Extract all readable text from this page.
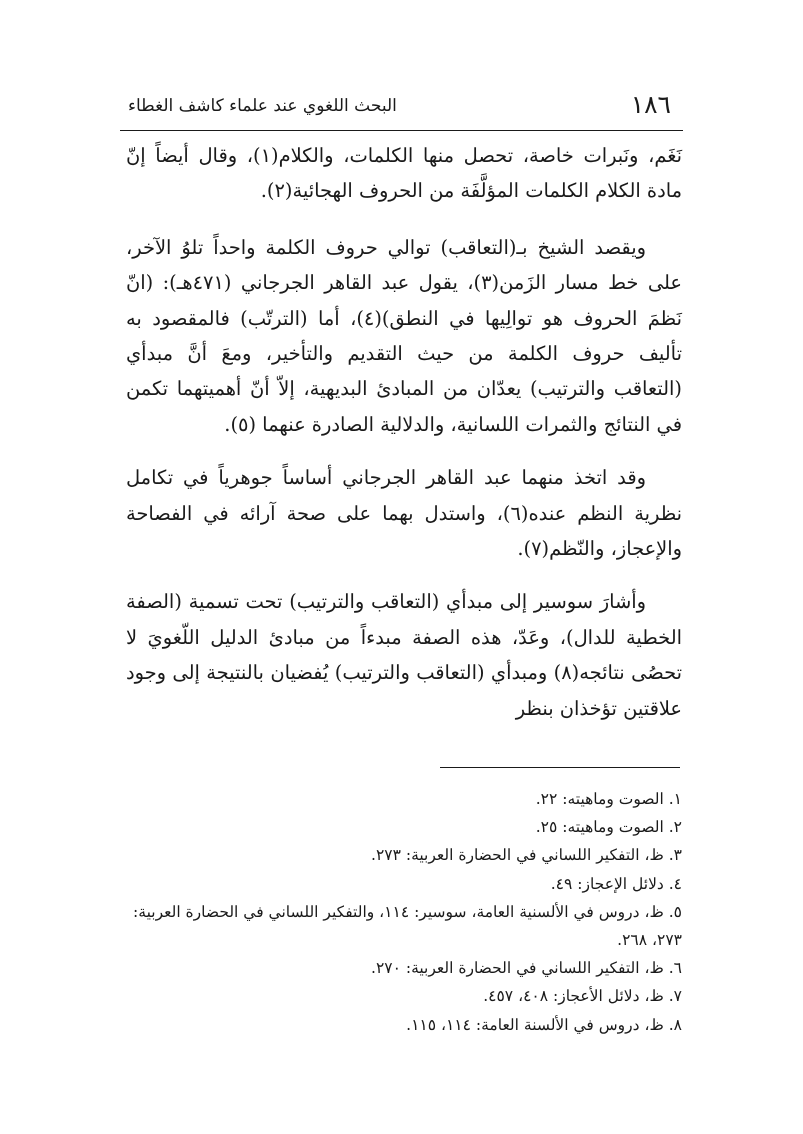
١٨٦
البحث اللغوي عند علماء كاشف الغطاء

نَغَم، ونَبرات خاصة، تحصل منها الكلمات، والكلام(١)، وقال أيضاً إنّ مادة الكلام الكلمات المؤلَّفَة من الحروف الهجائية(٢).

ويقصد الشيخ بـ(التعاقب) توالي حروف الكلمة واحداً تلوُ الآخر، على خط مسار الزَمن(٣)، يقول عبد القاهر الجرجاني (٤٧١هـ): (انّ نَظمَ الحروف هو توالِيها في النطق)(٤)، أما (الترتّب) فالمقصود به تأليف حروف الكلمة من حيث التقديم والتأخير، ومعَ أنَّ مبدأي (التعاقب والترتيب) يعدّان من المبادئ البديهية، إلاّ أنّ أهميتهما تكمن في النتائج والثمرات اللسانية، والدلالية الصادرة عنهما (٥).

وقد اتخذ منهما عبد القاهر الجرجاني أساساً جوهرياً في تكامل نظرية النظم عنده(٦)، واستدل بهما على صحة آرائه في الفصاحة والإعجاز، والنّظم(٧).

وأشارَ سوسير إلى مبدأي (التعاقب والترتيب) تحت تسمية (الصفة الخطية للدال)، وعَدّ، هذه الصفة مبدءاً من مبادئ الدليل اللّغويَ لا تحصُى نتائجه(٨) ومبدأي (التعاقب والترتيب) يُفضيان بالنتيجة إلى وجود علاقتين تؤخذان بنظر

١. الصوت وماهيته: ٢٢.
٢. الصوت وماهيته: ٢٥.
٣. ظ، التفكير اللساني في الحضارة العربية: ٢٧٣.
٤. دلائل الإعجاز: ٤٩.
٥. ظ، دروس في الألسنية العامة، سوسير: ١١٤، والتفكير اللساني في الحضارة العربية: ٢٧٣، ٢٦٨.
٦. ظ، التفكير اللساني في الحضارة العربية: ٢٧٠.
٧. ظ، دلائل الأعجاز: ٤٠٨، ٤٥٧.
٨. ظ، دروس في الألسنة العامة: ١١٤، ١١٥.
